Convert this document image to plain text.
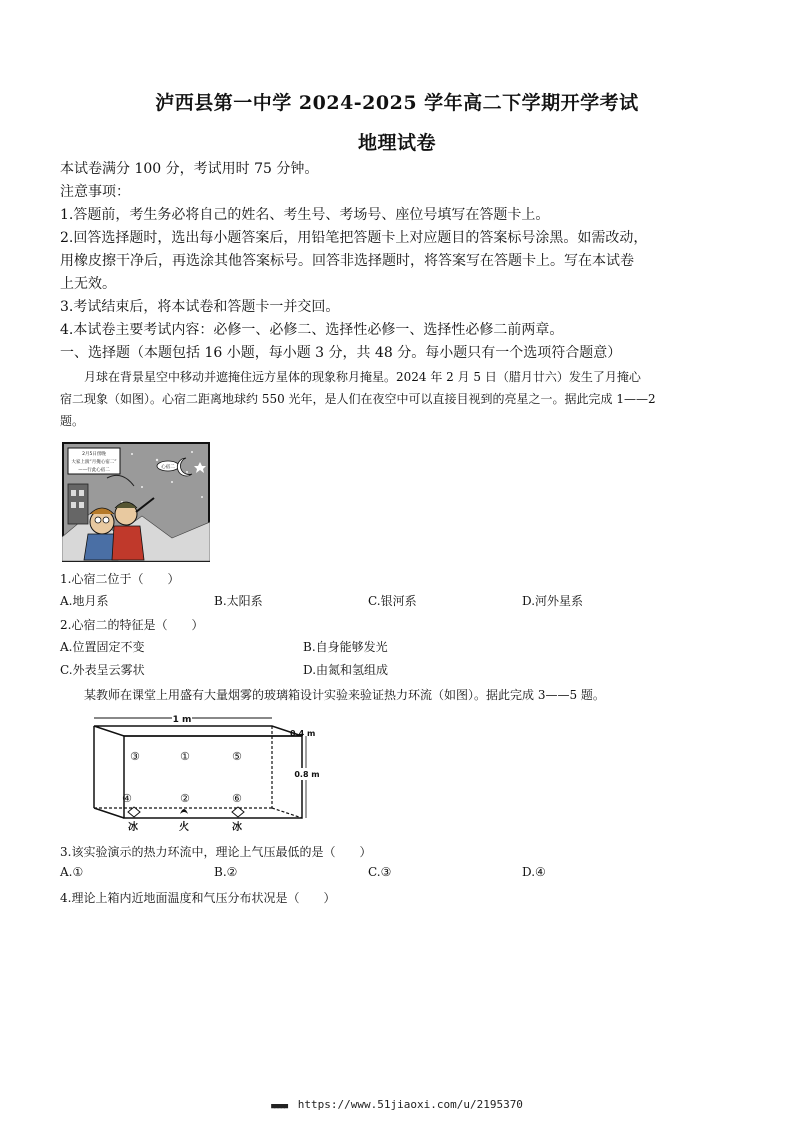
泸西县第一中学 2024-2025 学年高二下学期开学考试
地理试卷
本试卷满分 100 分，考试用时 75 分钟。
注意事项：
1.答题前，考生务必将自己的姓名、考生号、考场号、座位号填写在答题卡上。
2.回答选择题时，选出每小题答案后，用铅笔把答题卡上对应题目的答案标号涂黑。如需改动，
用橡皮擦干净后，再选涂其他答案标号。回答非选择题时，将答案写在答题卡上。写在本试卷
上无效。
3.考试结束后，将本试卷和答题卡一并交回。
4.本试卷主要考试内容：必修一、必修二、选择性必修一、选择性必修二前两章。
一、选择题（本题包括 16 小题，每小题 3 分，共 48 分。每小题只有一个选项符合题意）
月球在背景星空中移动并遮掩住远方星体的现象称月掩星。2024 年 2 月 5 日（腊月廿六）发生了月掩心
宿二现象（如图）。心宿二距离地球约 550 光年，是人们在夜空中可以直接目视到的亮星之一。据此完成 1——2
题。
2月5日傍晚
大家上演“月掩心宿二”
——行此心宿二
心宿二
1.心宿二位于（　　）
A.地月系	B.太阳系	C.银河系	D.河外星系
2.心宿二的特征是（　　）
A.位置固定不变	B.自身能够发光
C.外表呈云雾状	D.由氮和氢组成
某教师在课堂上用盛有大量烟雾的玻璃箱设计实验来验证热力环流（如图）。据此完成 3——5 题。
1 m
0.4 m
0.8 m
③	①	⑤
④	②	⑥
冰	火	冰
3.该实验演示的热力环流中，理论上气压最低的是（　　）
A.①	B.②	C.③	D.④
4.理论上箱内近地面温度和气压分布状况是（　　）
■■■■■ https://www.51jiaoxi.com/u/2195370
